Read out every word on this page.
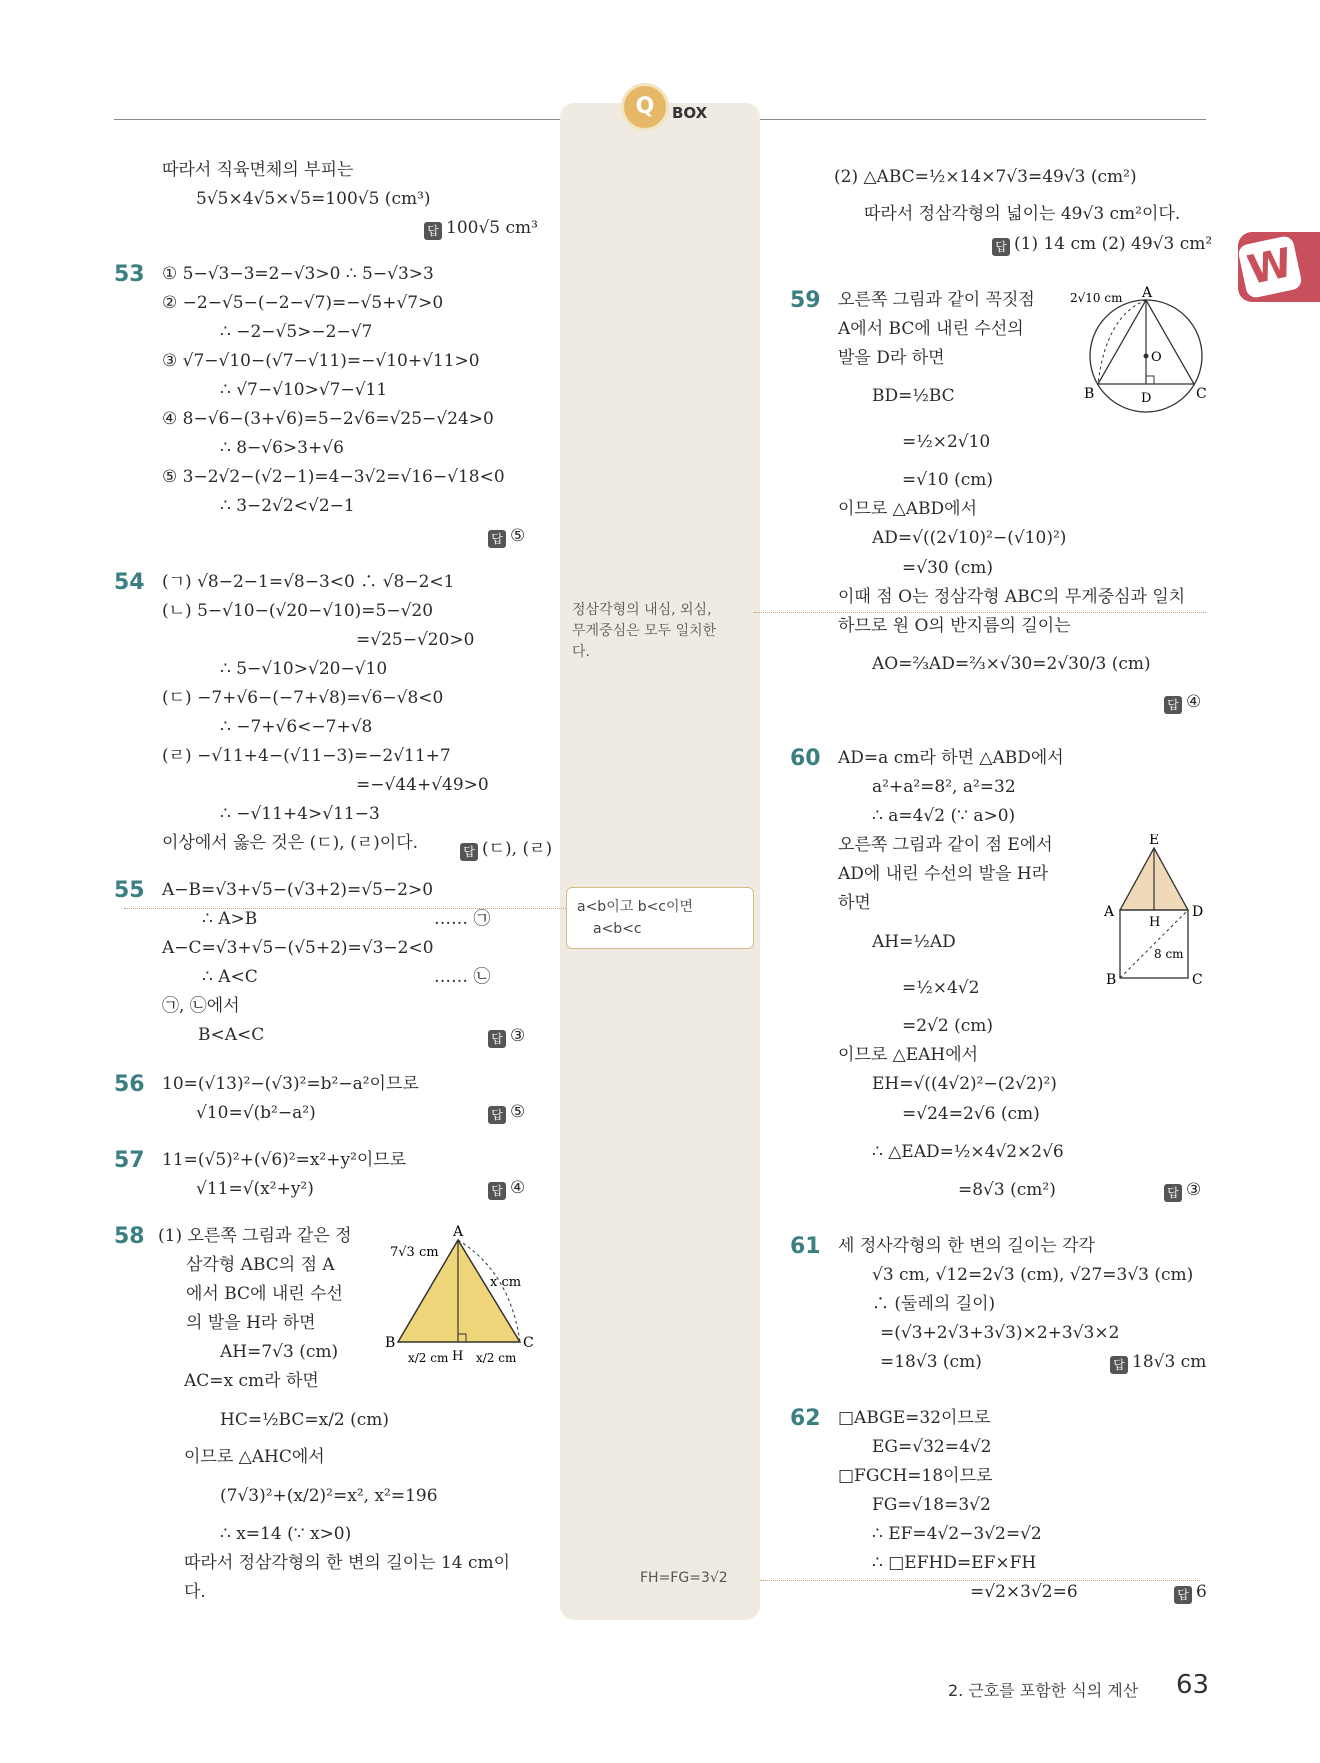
Q	BOX
W
따라서 직육면체의 부피는
5√5×4√5×√5=100√5 (cm³)
답 100√5 cm³
53 ① 5−√3−3=2−√3>0 ∴ 5−√3>3
② −2−√5−(−2−√7)=−√5+√7>0
∴ −2−√5>−2−√7
③ √7−√10−(√7−√11)=−√10+√11>0
∴ √7−√10>√7−√11
④ 8−√6−(3+√6)=5−2√6=√25−√24>0
∴ 8−√6>3+√6
⑤ 3−2√2−(√2−1)=4−3√2=√16−√18<0
∴ 3−2√2<√2−1
답 ⑤
54 (ㄱ) √8−2−1=√8−3<0 ∴ √8−2<1
(ㄴ) 5−√10−(√20−√10)=5−√20
=√25−√20>0
∴ 5−√10>√20−√10
(ㄷ) −7+√6−(−7+√8)=√6−√8<0
∴ −7+√6<−7+√8
(ㄹ) −√11+4−(√11−3)=−2√11+7
=−√44+√49>0
∴ −√11+4>√11−3
이상에서 옳은 것은 (ㄷ), (ㄹ)이다.	답 (ㄷ), (ㄹ)
55 A−B=√3+√5−(√3+2)=√5−2>0
∴ A>B	…… ㉠
A−C=√3+√5−(√5+2)=√3−2<0
∴ A<C	…… ㉡
㉠, ㉡에서
B<A<C	답 ③
56 10=(√13)²−(√3)²=b²−a²이므로
√10=√(b²−a²)	답 ⑤
57 11=(√5)²+(√6)²=x²+y²이므로
√11=√(x²+y²)	답 ④
58 (1) 오른쪽 그림과 같은 정
삼각형 ABC의 점 A
에서 BC에 내린 수선
의 발을 H라 하면
AH=7√3 (cm)
AC=x cm라 하면
HC=½BC=x/2 (cm)
이므로 △AHC에서
(7√3)²+(x/2)²=x², x²=196
∴ x=14 (∵ x>0)
따라서 정삼각형의 한 변의 길이는 14 cm이
다.
A
B	C
H
7√3 cm
x cm
x/2 cm x/2 cm
정삼각형의 내심, 외심,
무게중심은 모두 일치한
다.
a<b이고 b<c이면
a<b<c
FH=FG=3√2
(2) △ABC=½×14×7√3=49√3 (cm²)
따라서 정삼각형의 넓이는 49√3 cm²이다.
답 (1) 14 cm (2) 49√3 cm²
59 오른쪽 그림과 같이 꼭짓점
A에서 BC에 내린 수선의
발을 D라 하면
BD=½BC
=½×2√10
=√10 (cm)
이므로 △ABD에서
AD=√((2√10)²−(√10)²)
=√30 (cm)
이때 점 O는 정삼각형 ABC의 무게중심과 일치
하므로 원 O의 반지름의 길이는
AO=⅔AD=⅔×√30=2√30/3 (cm)
답 ④
A
O
B	C
D
2√10 cm
60 AD=a cm라 하면 △ABD에서
a²+a²=8², a²=32
∴ a=4√2 (∵ a>0)
오른쪽 그림과 같이 점 E에서
AD에 내린 수선의 발을 H라
하면
AH=½AD
=½×4√2
=2√2 (cm)
이므로 △EAH에서
EH=√((4√2)²−(2√2)²)
=√24=2√6 (cm)
∴ △EAD=½×4√2×2√6
=8√3 (cm²)	답 ③
E
A	D
H
B	C
8 cm
61 세 정사각형의 한 변의 길이는 각각
√3 cm, √12=2√3 (cm), √27=3√3 (cm)
∴ (둘레의 길이)
=(√3+2√3+3√3)×2+3√3×2
=18√3 (cm)	답 18√3 cm
62 □ABGE=32이므로
EG=√32=4√2
□FGCH=18이므로
FG=√18=3√2
∴ EF=4√2−3√2=√2
∴ □EFHD=EF×FH
=√2×3√2=6	답 6
2. 근호를 포함한 식의 계산 63
